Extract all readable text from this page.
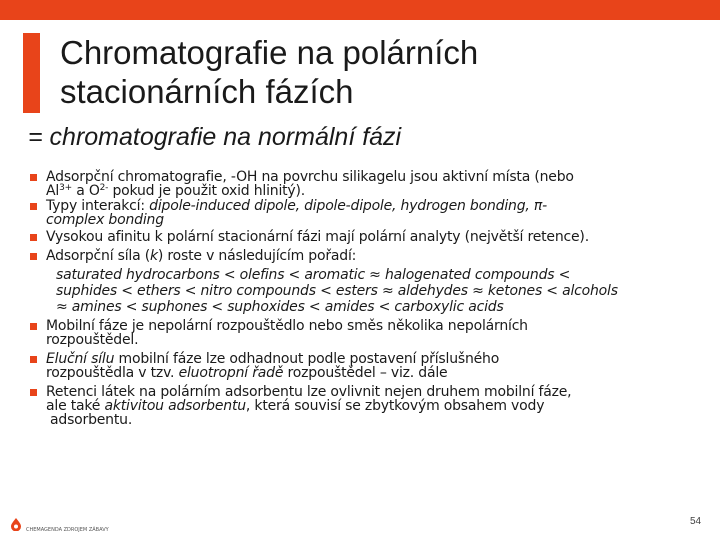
Chromatografie na polárních
stacionárních fázích
= chromatografie na normální fázi
Adsorpční chromatografie, -OH na povrchu silikagelu jsou aktivní místa (nebo
$Al^{3+}$ a $O^{2-}$ pokud je použit oxid hlinitý).
Typy interakcí: dipole-induced dipole, dipole-dipole, hydrogen bonding, π-
complex bonding
Vysokou afinitu k polární stacionární fázi mají polární analyty (největší retence).
Adsorpční síla (k) roste v následujícím pořadí:
saturated hydrocarbons < olefins < aromatic ≈ halogenated compounds <
suphides < ethers < nitro compounds < esters ≈ aldehydes ≈ ketones < alcohols
≈ amines < suphones < suphoxides < amides < carboxylic acids
Mobilní fáze je nepolární rozpouštědlo nebo směs několika nepolárních
rozpouštědel.
Eluční sílu mobilní fáze lze odhadnout podle postavení příslušného
rozpouštědla v tzv. eluotropní řadě rozpouštědel – viz. dále
Retenci látek na polárním adsorbentu lze ovlivnit nejen druhem mobilní fáze,
ale také aktivitou adsorbentu, která souvisí se zbytkovým obsahem vody
adsorbentu.
CHEMAGENDA ZDROJEM ZÁBAVY
54
